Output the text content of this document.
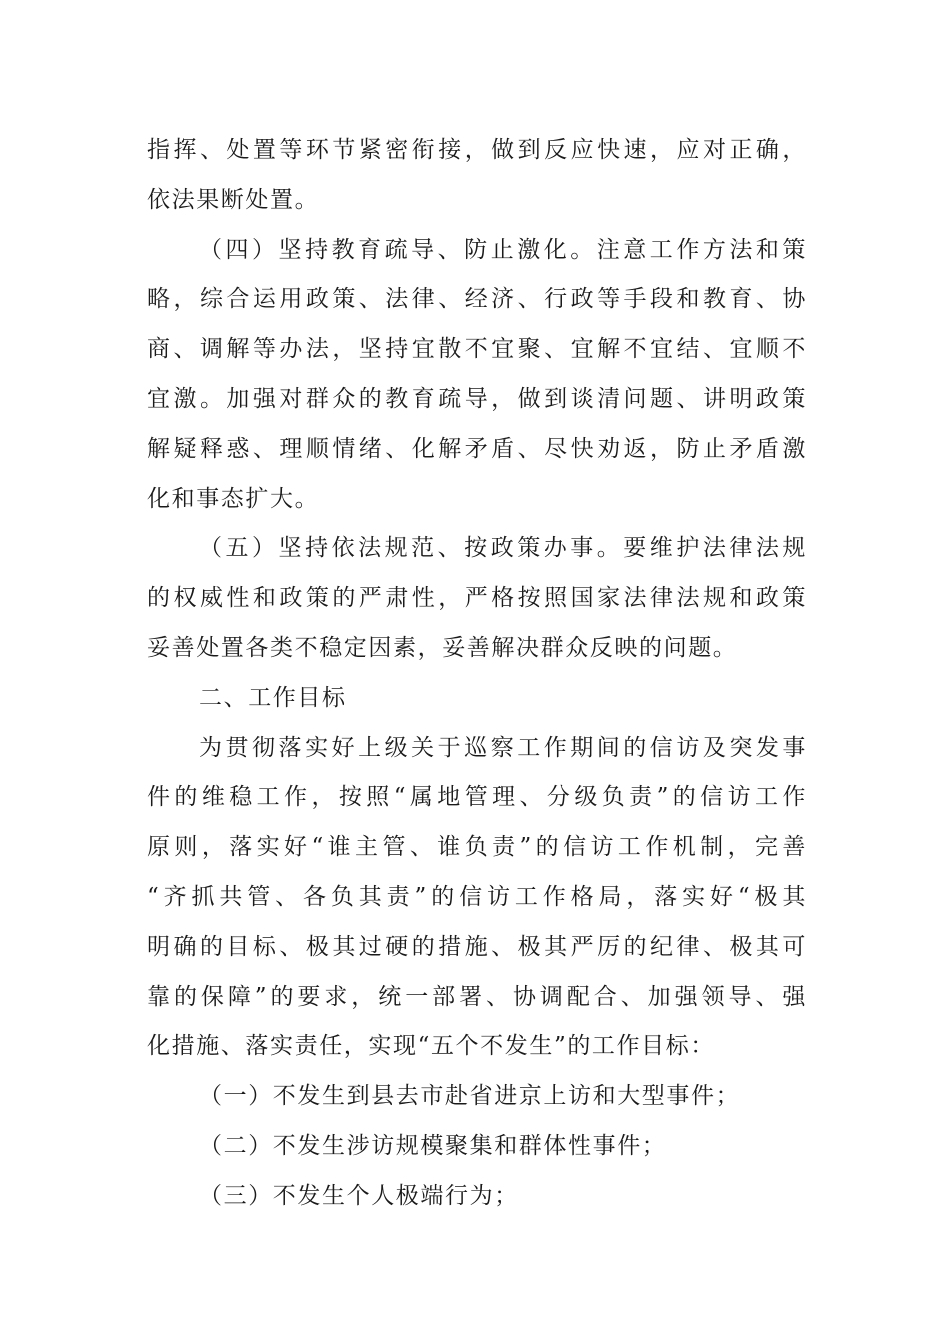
指挥、处置等环节紧密衔接，做到反应快速，应对正确，
依法果断处置。
（四）坚持教育疏导、防止激化。注意工作方法和策
略，综合运用政策、法律、经济、行政等手段和教育、协
商、调解等办法，坚持宜散不宜聚、宜解不宜结、宜顺不
宜激。加强对群众的教育疏导，做到谈清问题、讲明政策
解疑释惑、理顺情绪、化解矛盾、尽快劝返，防止矛盾激
化和事态扩大。
（五）坚持依法规范、按政策办事。要维护法律法规
的权威性和政策的严肃性，严格按照国家法律法规和政策
妥善处置各类不稳定因素，妥善解决群众反映的问题。
二、工作目标
为贯彻落实好上级关于巡察工作期间的信访及突发事
件的维稳工作，按照“属地管理、分级负责”的信访工作
原则，落实好“谁主管、谁负责”的信访工作机制，完善
“齐抓共管、各负其责”的信访工作格局，落实好“极其
明确的目标、极其过硬的措施、极其严厉的纪律、极其可
靠的保障”的要求，统一部署、协调配合、加强领导、强
化措施、落实责任，实现“五个不发生”的工作目标：
（一）不发生到县去市赴省进京上访和大型事件；
（二）不发生涉访规模聚集和群体性事件；
（三）不发生个人极端行为；
